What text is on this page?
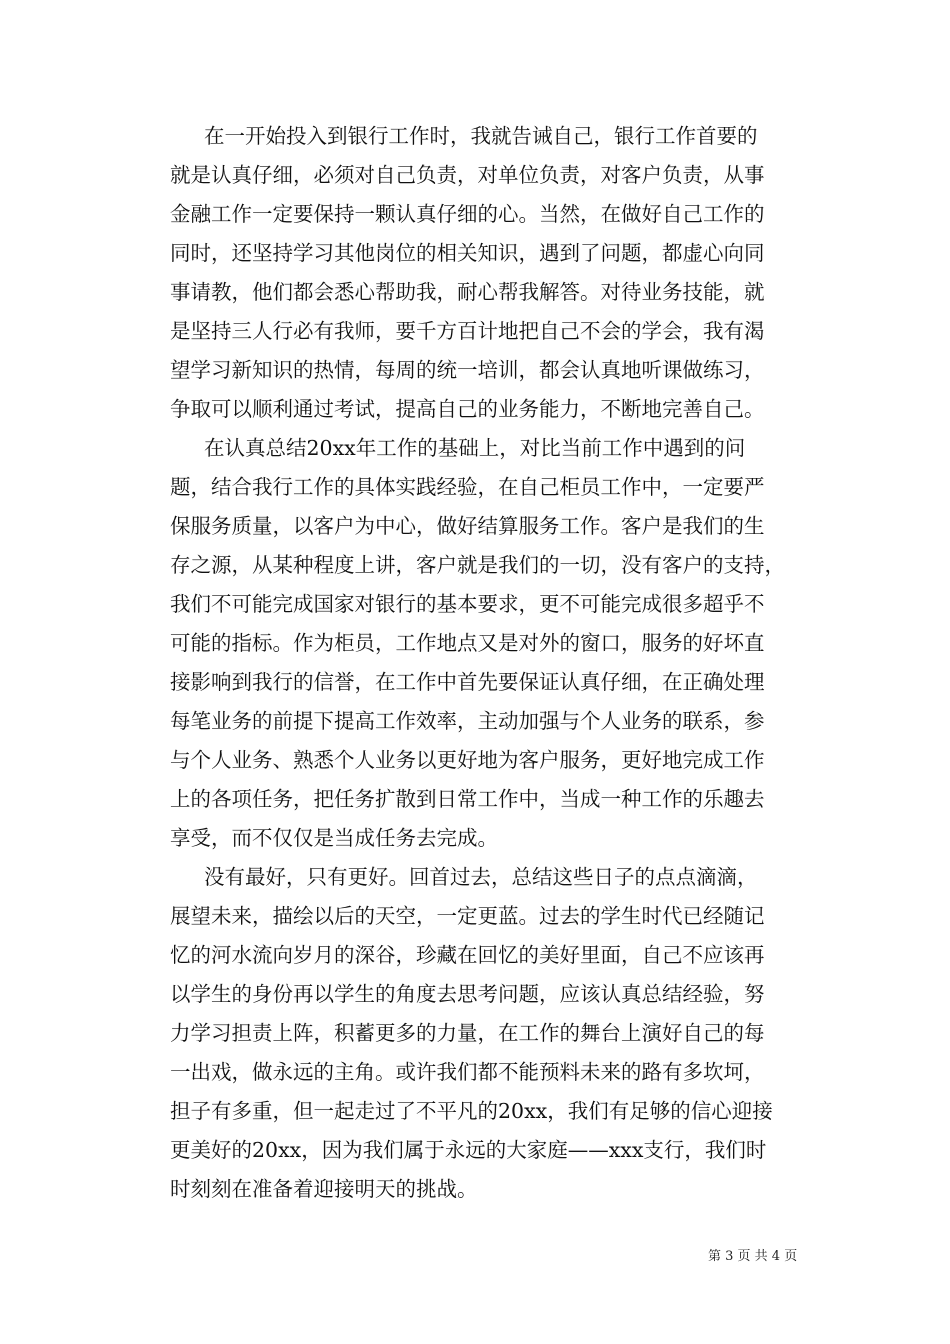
在一开始投入到银行工作时，我就告诫自己，银行工作首要的
就是认真仔细，必须对自己负责，对单位负责，对客户负责，从事
金融工作一定要保持一颗认真仔细的心。当然，在做好自己工作的
同时，还坚持学习其他岗位的相关知识，遇到了问题，都虚心向同
事请教，他们都会悉心帮助我，耐心帮我解答。对待业务技能，就
是坚持三人行必有我师，要千方百计地把自己不会的学会，我有渴
望学习新知识的热情，每周的统一培训，都会认真地听课做练习，
争取可以顺利通过考试，提高自己的业务能力，不断地完善自己。
在认真总结20xx年工作的基础上，对比当前工作中遇到的问
题，结合我行工作的具体实践经验，在自己柜员工作中，一定要严
保服务质量，以客户为中心，做好结算服务工作。客户是我们的生
存之源，从某种程度上讲，客户就是我们的一切，没有客户的支持，
我们不可能完成国家对银行的基本要求，更不可能完成很多超乎不
可能的指标。作为柜员，工作地点又是对外的窗口，服务的好坏直
接影响到我行的信誉，在工作中首先要保证认真仔细，在正确处理
每笔业务的前提下提高工作效率，主动加强与个人业务的联系，参
与个人业务、熟悉个人业务以更好地为客户服务，更好地完成工作
上的各项任务，把任务扩散到日常工作中，当成一种工作的乐趣去
享受，而不仅仅是当成任务去完成。
没有最好，只有更好。回首过去，总结这些日子的点点滴滴，
展望未来，描绘以后的天空，一定更蓝。过去的学生时代已经随记
忆的河水流向岁月的深谷，珍藏在回忆的美好里面，自己不应该再
以学生的身份再以学生的角度去思考问题，应该认真总结经验，努
力学习担责上阵，积蓄更多的力量，在工作的舞台上演好自己的每
一出戏，做永远的主角。或许我们都不能预料未来的路有多坎坷，
担子有多重，但一起走过了不平凡的20xx，我们有足够的信心迎接
更美好的20xx，因为我们属于永远的大家庭——xxx支行，我们时
时刻刻在准备着迎接明天的挑战。
第 3 页 共 4 页
